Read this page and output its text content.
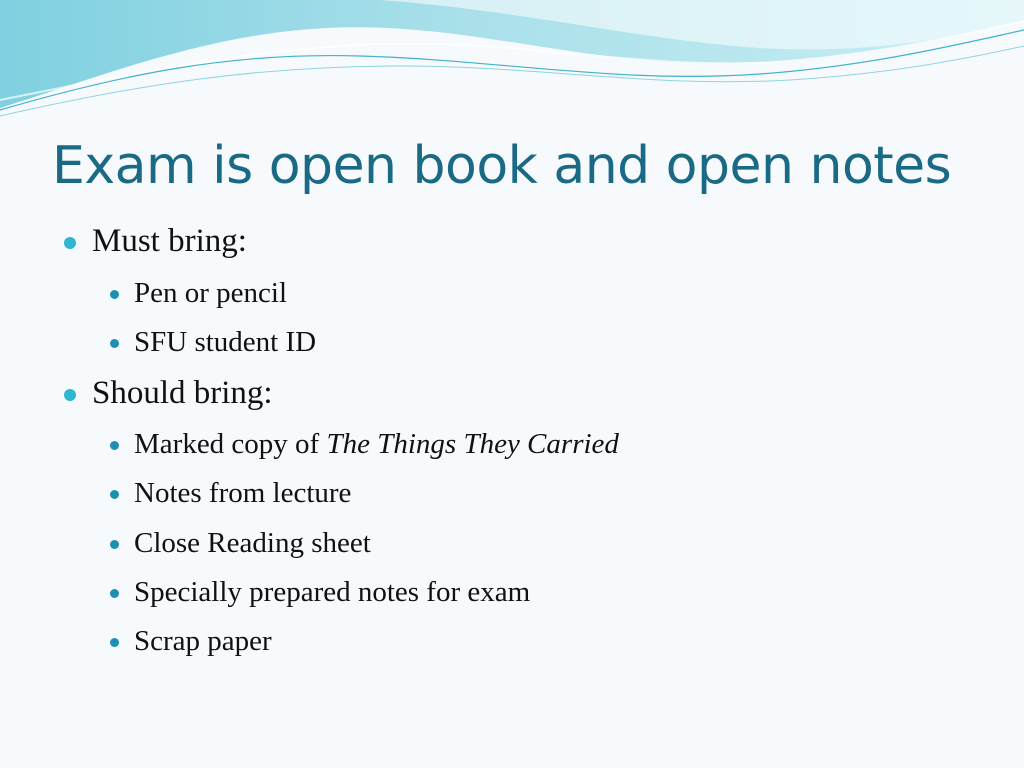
Exam is open book and open notes
Must bring:
Pen or pencil
SFU student ID
Should bring:
Marked copy of The Things They Carried
Notes from lecture
Close Reading sheet
Specially prepared notes for exam
Scrap paper
